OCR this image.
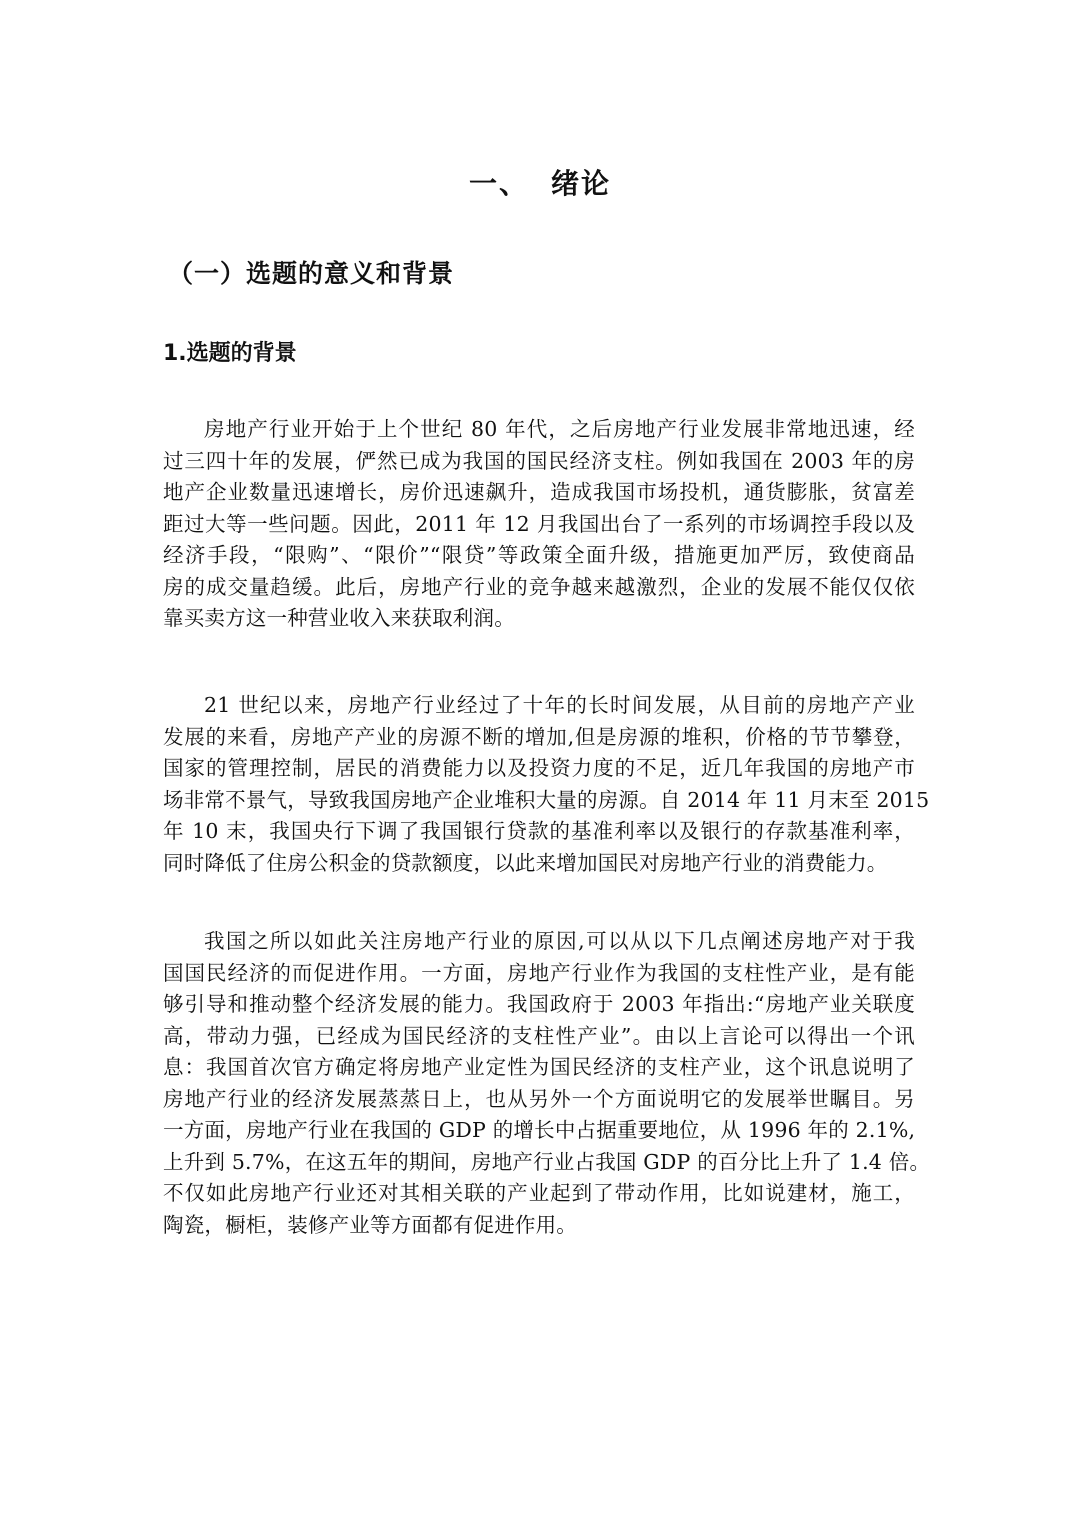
一、 绪论
（一）选题的意义和背景
1.选题的背景
房地产行业开始于上个世纪 80 年代，之后房地产行业发展非常地迅速，经
过三四十年的发展，俨然已成为我国的国民经济支柱。例如我国在 2003 年的房
地产企业数量迅速增长，房价迅速飙升，造成我国市场投机，通货膨胀，贫富差
距过大等一些问题。因此，2011 年 12 月我国出台了一系列的市场调控手段以及
经济手段，“限购”、“限价”“限贷”等政策全面升级，措施更加严厉，致使商品
房的成交量趋缓。此后，房地产行业的竞争越来越激烈，企业的发展不能仅仅依
靠买卖方这一种营业收入来获取利润。
21 世纪以来，房地产行业经过了十年的长时间发展，从目前的房地产产业
发展的来看，房地产产业的房源不断的增加,但是房源的堆积，价格的节节攀登，
国家的管理控制，居民的消费能力以及投资力度的不足，近几年我国的房地产市
场非常不景气，导致我国房地产企业堆积大量的房源。自 2014 年 11 月末至 2015
年 10 末，我国央行下调了我国银行贷款的基准利率以及银行的存款基准利率，
同时降低了住房公积金的贷款额度，以此来增加国民对房地产行业的消费能力。
我国之所以如此关注房地产行业的原因,可以从以下几点阐述房地产对于我
国国民经济的而促进作用。一方面，房地产行业作为我国的支柱性产业，是有能
够引导和推动整个经济发展的能力。我国政府于 2003 年指出:“房地产业关联度
高，带动力强，已经成为国民经济的支柱性产业”。由以上言论可以得出一个讯
息：我国首次官方确定将房地产业定性为国民经济的支柱产业，这个讯息说明了
房地产行业的经济发展蒸蒸日上，也从另外一个方面说明它的发展举世瞩目。另
一方面，房地产行业在我国的 GDP 的增长中占据重要地位，从 1996 年的 2.1%,
上升到 5.7%，在这五年的期间，房地产行业占我国 GDP 的百分比上升了 1.4 倍。
不仅如此房地产行业还对其相关联的产业起到了带动作用，比如说建材，施工，
陶瓷，橱柜，装修产业等方面都有促进作用。
